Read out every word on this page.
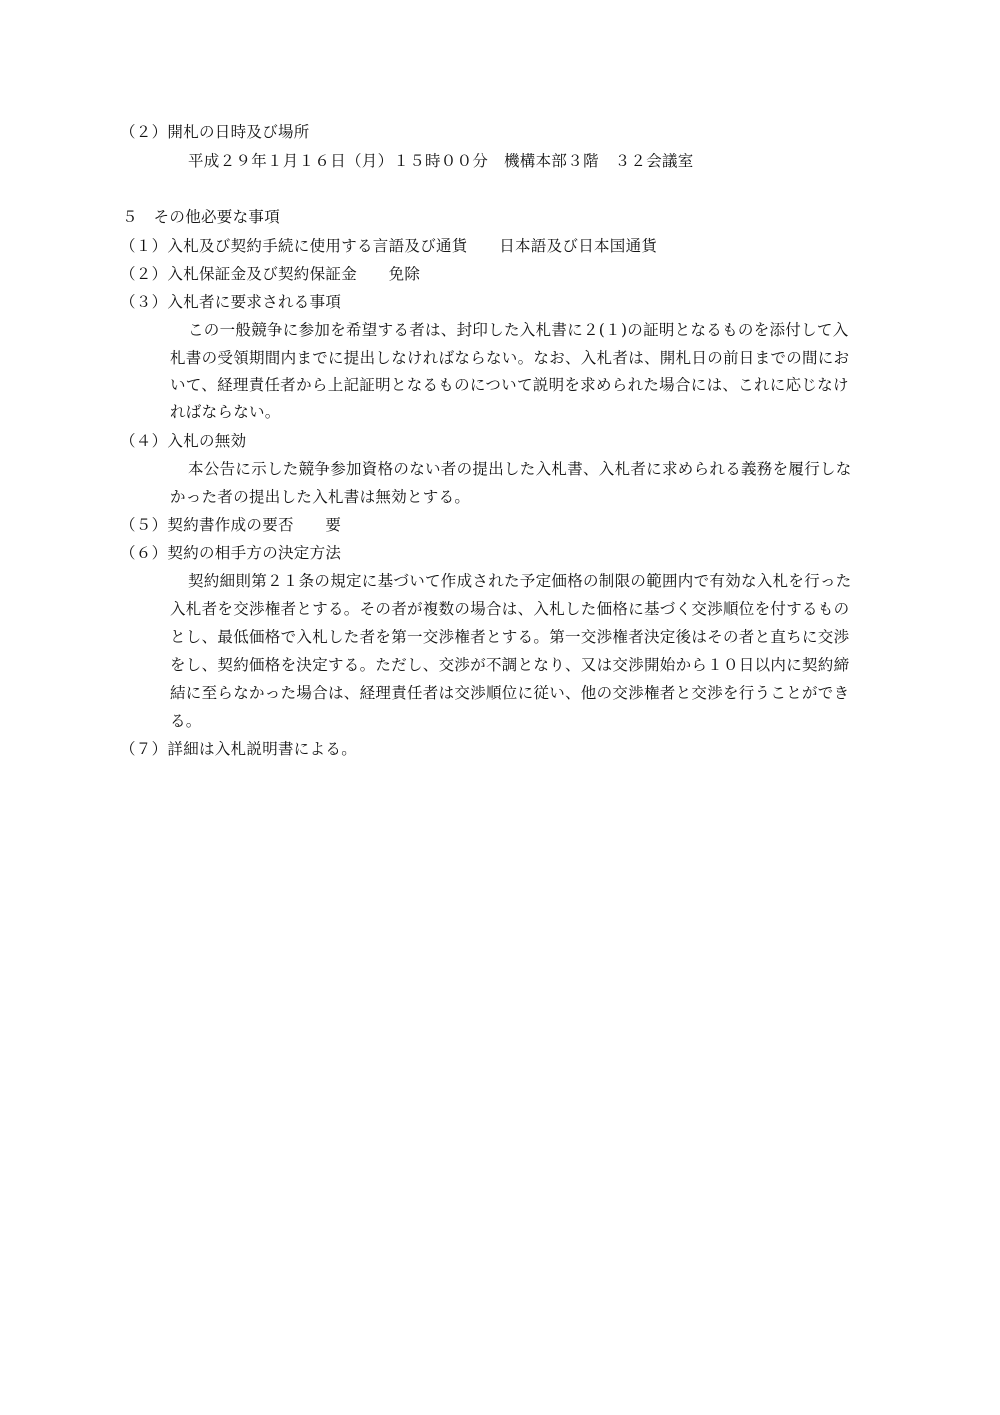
（２）開札の日時及び場所
平成２９年１月１６日（月）１５時００分　機構本部３階　３２会議室
５　その他必要な事項
（１）入札及び契約手続に使用する言語及び通貨　　日本語及び日本国通貨
（２）入札保証金及び契約保証金　　免除
（３）入札者に要求される事項
この一般競争に参加を希望する者は、封印した入札書に２(１)の証明となるものを添付して入
札書の受領期間内までに提出しなければならない。なお、入札者は、開札日の前日までの間にお
いて、経理責任者から上記証明となるものについて説明を求められた場合には、これに応じなけ
ればならない。
（４）入札の無効
本公告に示した競争参加資格のない者の提出した入札書、入札者に求められる義務を履行しな
かった者の提出した入札書は無効とする。
（５）契約書作成の要否　　要
（６）契約の相手方の決定方法
契約細則第２１条の規定に基づいて作成された予定価格の制限の範囲内で有効な入札を行った
入札者を交渉権者とする。その者が複数の場合は、入札した価格に基づく交渉順位を付するもの
とし、最低価格で入札した者を第一交渉権者とする。第一交渉権者決定後はその者と直ちに交渉
をし、契約価格を決定する。ただし、交渉が不調となり、又は交渉開始から１０日以内に契約締
結に至らなかった場合は、経理責任者は交渉順位に従い、他の交渉権者と交渉を行うことができ
る。
（７）詳細は入札説明書による。
